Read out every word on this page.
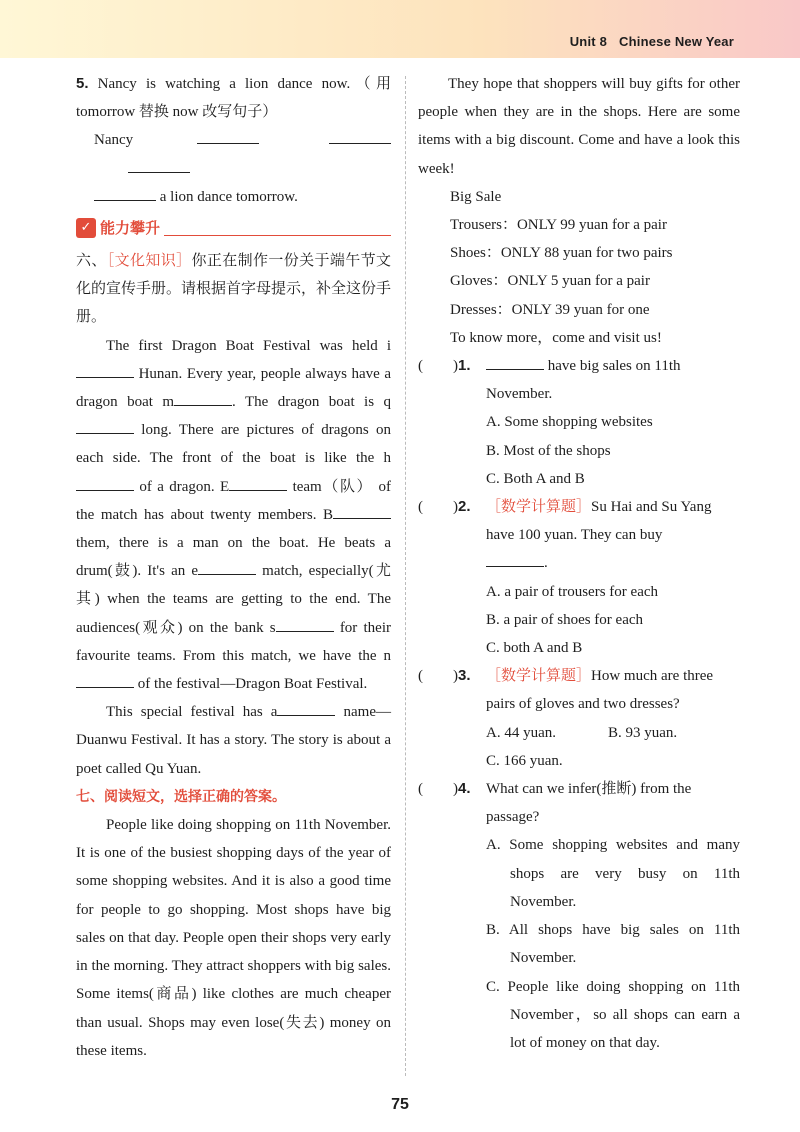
Unit 8 Chinese New Year
5. Nancy is watching a lion dance now.（用tomorrow 替换 now 改写句子）
Nancy
a lion dance tomorrow.
✓ 能力攀升
六、［文化知识］你正在制作一份关于端午节文化的宣传手册。请根据首字母提示，补全这份手册。
The first Dragon Boat Festival was held i Hunan. Every year, people always have a dragon boat m	. The dragon boat is q long. There are pictures of dragons on each side. The front of the boat is like the h of a dragon. E	team（队） of the match has about twenty members. B them, there is a man on the boat. He beats a drum(鼓). It's an e	match, especially(尤其) when the teams are getting to the end. The audiences(观众) on the bank s	for their favourite teams. From this match, we have the n of the festival—Dragon Boat Festival.
This special festival has a	name—Duanwu Festival. It has a story. The story is about a poet called Qu Yuan.
七、阅读短文，选择正确的答案。
People like doing shopping on 11th November. It is one of the busiest shopping days of the year of some shopping websites. And it is also a good time for people to go shopping. Most shops have big sales on that day. People open their shops very early in the morning. They attract shoppers with big sales. Some items(商品) like clothes are much cheaper than usual. Shops may even lose(失去) money on these items.
They hope that shoppers will buy gifts for other people when they are in the shops. Here are some items with a big discount. Come and have a look this week!
Big Sale
Trousers：ONLY 99 yuan for a pair
Shoes：ONLY 88 yuan for two pairs
Gloves：ONLY 5 yuan for a pair
Dresses：ONLY 39 yuan for one
To know more，come and visit us!
( ) 1.	have big sales on 11th November.
A. Some shopping websites
B. Most of the shops
C. Both A and B
( ) 2. ［数学计算题］Su Hai and Su Yang have 100 yuan. They can buy
.
A. a pair of trousers for each
B. a pair of shoes for each
C. both A and B
( ) 3. ［数学计算题］How much are three pairs of gloves and two dresses?
A. 44 yuan.	B. 93 yuan.
C. 166 yuan.
( ) 4. What can we infer(推断) from the passage?
A. Some shopping websites and many shops are very busy on 11th November.
B. All shops have big sales on 11th November.
C. People like doing shopping on 11th November，so all shops can earn a lot of money on that day.
75
